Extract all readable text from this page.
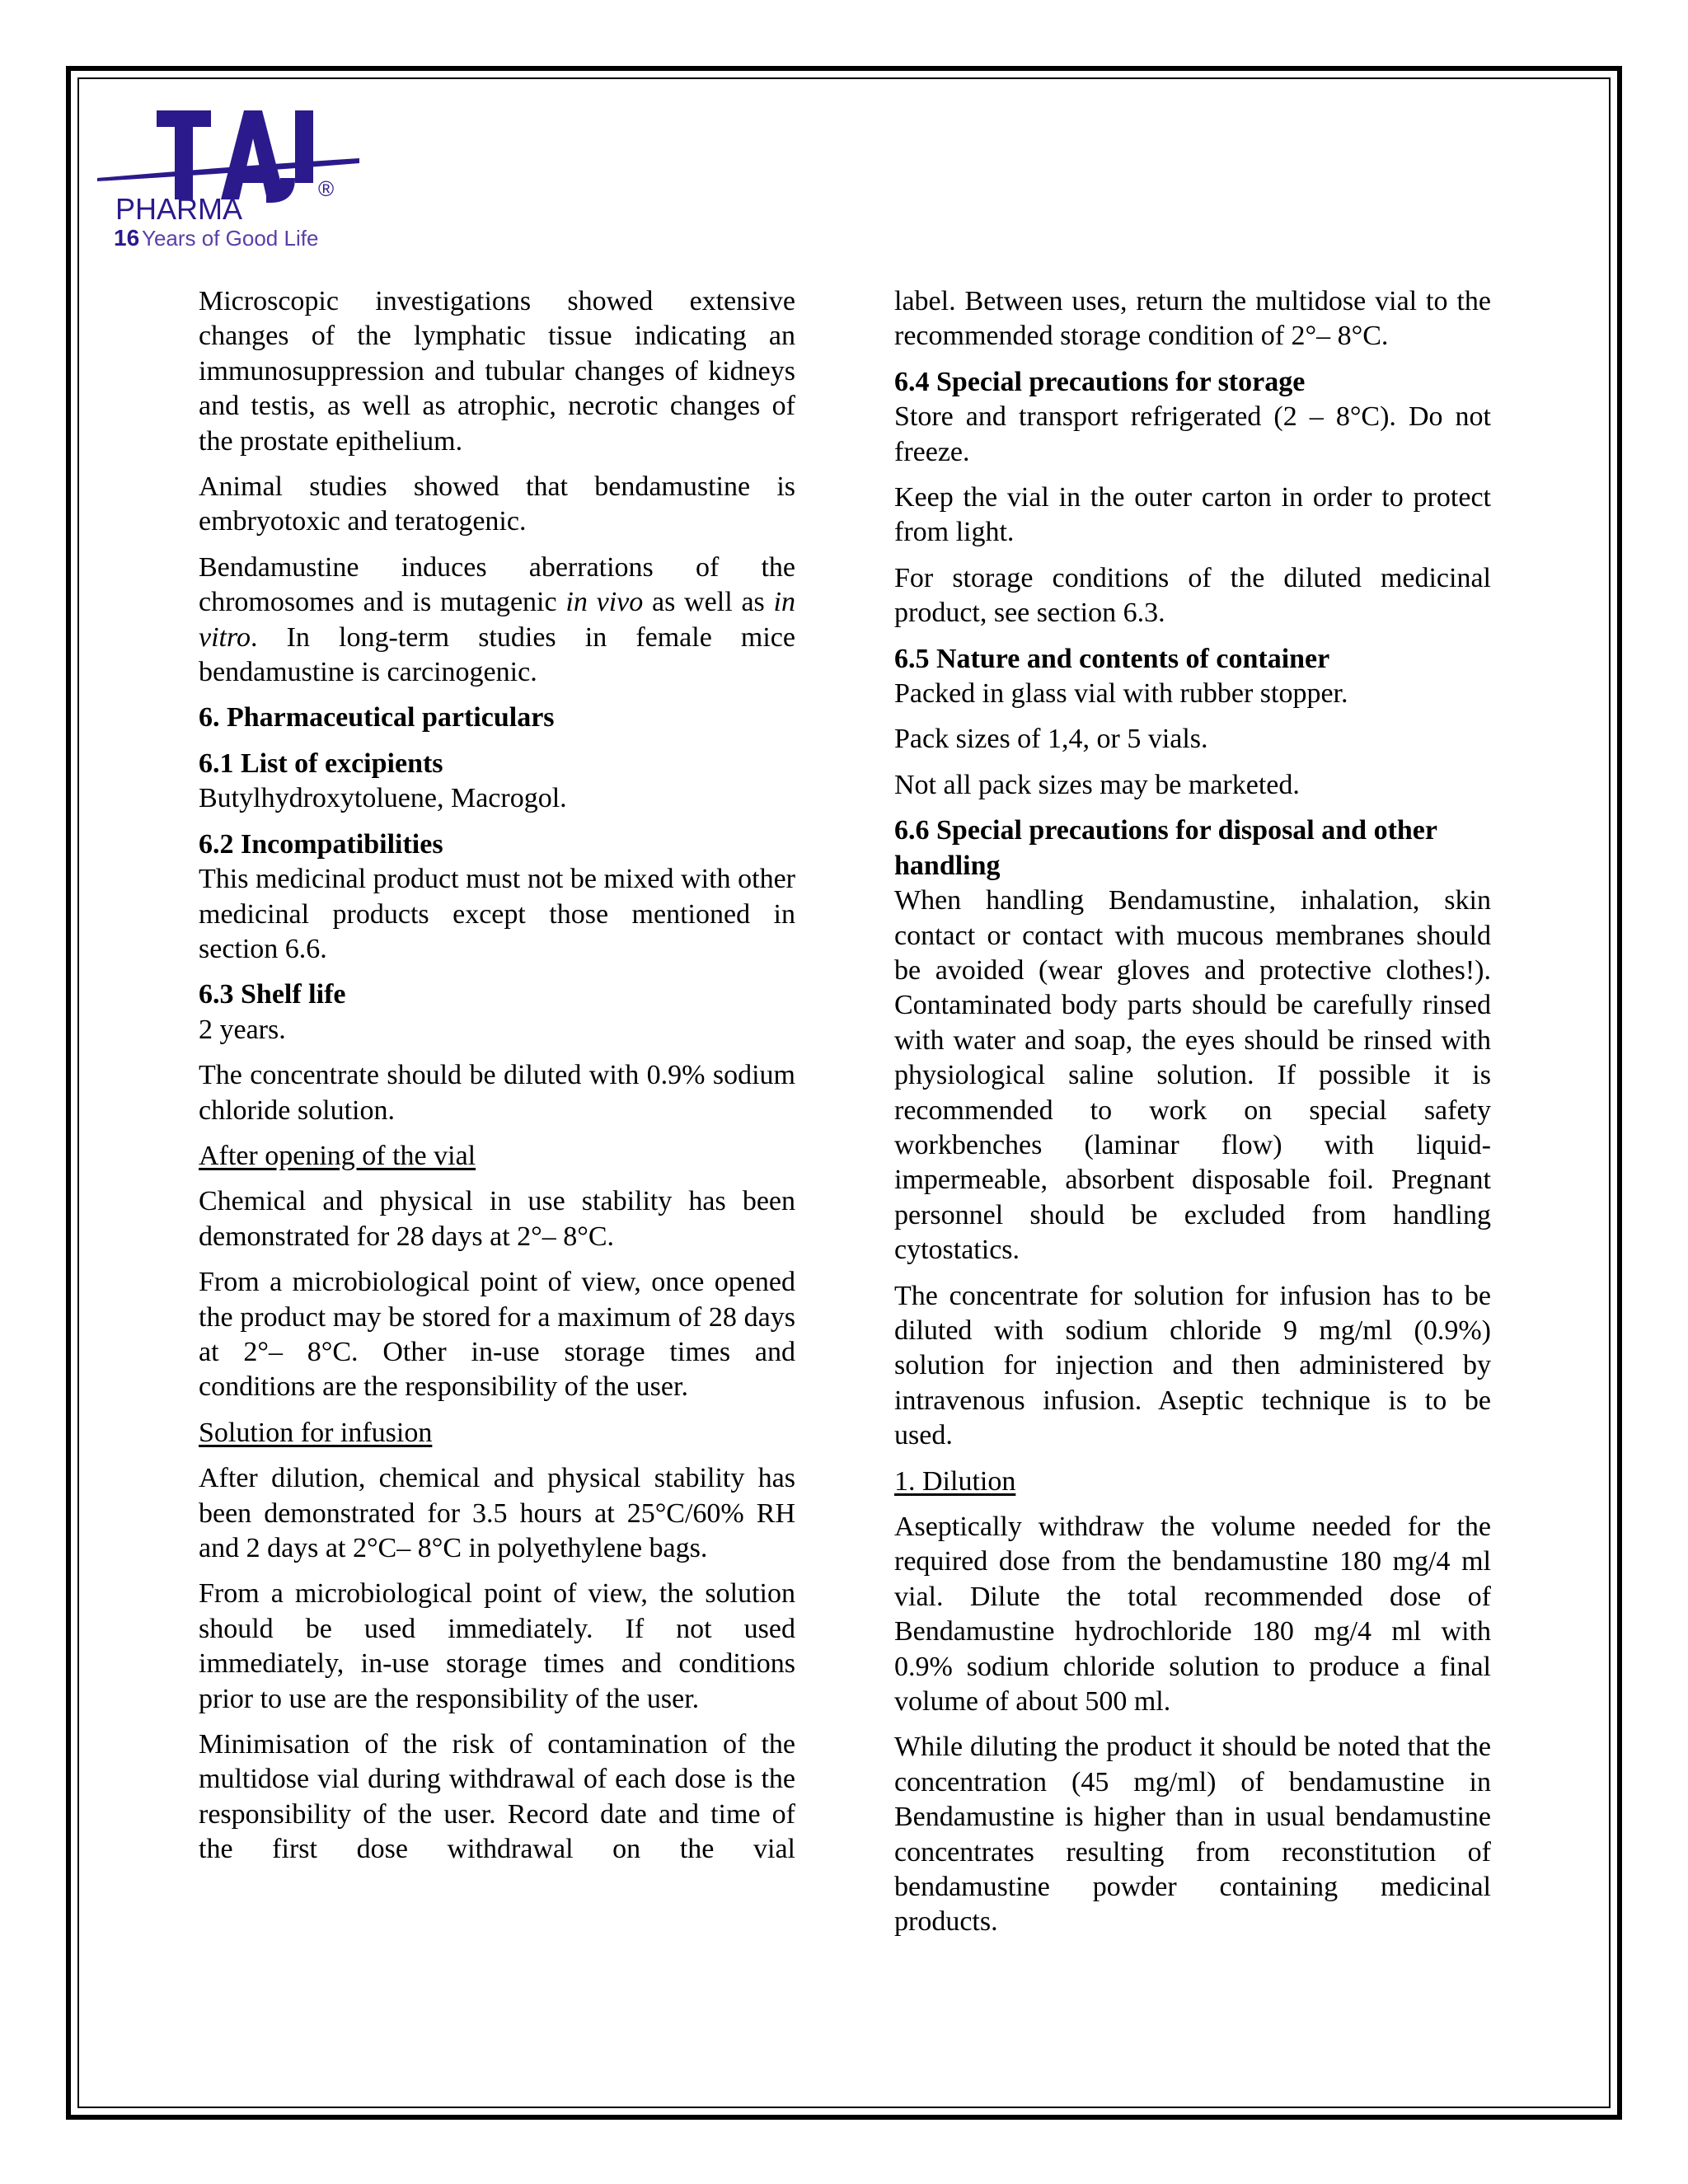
PHARMA
®
16 Years of Good Life

Microscopic investigations showed extensive changes of the lymphatic tissue indicating an immunosuppression and tubular changes of kidneys and testis, as well as atrophic, necrotic changes of the prostate epithelium.

Animal studies showed that bendamustine is embryotoxic and teratogenic.

Bendamustine induces aberrations of the chromosomes and is mutagenic in vivo as well as in vitro. In long-term studies in female mice bendamustine is carcinogenic.

6. Pharmaceutical particulars

6.1 List of excipients

Butylhydroxytoluene, Macrogol.

6.2 Incompatibilities

This medicinal product must not be mixed with other medicinal products except those mentioned in section 6.6.

6.3 Shelf life

2 years.

The concentrate should be diluted with 0.9% sodium chloride solution.

After opening of the vial

Chemical and physical in use stability has been demonstrated for 28 days at 2°– 8°C.

From a microbiological point of view, once opened the product may be stored for a maximum of 28 days at 2°– 8°C. Other in-use storage times and conditions are the responsibility of the user.

Solution for infusion

After dilution, chemical and physical stability has been demonstrated for 3.5 hours at 25°C/60% RH and 2 days at 2°C– 8°C in polyethylene bags.

From a microbiological point of view, the solution should be used immediately. If not used immediately, in-use storage times and conditions prior to use are the responsibility of the user.

Minimisation of the risk of contamination of the multidose vial during withdrawal of each dose is the responsibility of the user. Record date and time of the first dose withdrawal on the vial

label. Between uses, return the multidose vial to the recommended storage condition of 2°– 8°C.

6.4 Special precautions for storage

Store and transport refrigerated (2 – 8°C). Do not freeze.

Keep the vial in the outer carton in order to protect from light.

For storage conditions of the diluted medicinal product, see section 6.3.

6.5 Nature and contents of container

Packed in glass vial with rubber stopper.

Pack sizes of 1,4, or 5 vials.

Not all pack sizes may be marketed.

6.6 Special precautions for disposal and other handling

When handling Bendamustine, inhalation, skin contact or contact with mucous membranes should be avoided (wear gloves and protective clothes!). Contaminated body parts should be carefully rinsed with water and soap, the eyes should be rinsed with physiological saline solution. If possible it is recommended to work on special safety workbenches (laminar flow) with liquid-impermeable, absorbent disposable foil. Pregnant personnel should be excluded from handling cytostatics.

The concentrate for solution for infusion has to be diluted with sodium chloride 9 mg/ml (0.9%) solution for injection and then administered by intravenous infusion. Aseptic technique is to be used.

1. Dilution

Aseptically withdraw the volume needed for the required dose from the bendamustine 180 mg/4 ml vial. Dilute the total recommended dose of Bendamustine hydrochloride 180 mg/4 ml with 0.9% sodium chloride solution to produce a final volume of about 500 ml.

While diluting the product it should be noted that the concentration (45 mg/ml) of bendamustine in Bendamustine is higher than in usual bendamustine concentrates resulting from reconstitution of bendamustine powder containing medicinal products.
